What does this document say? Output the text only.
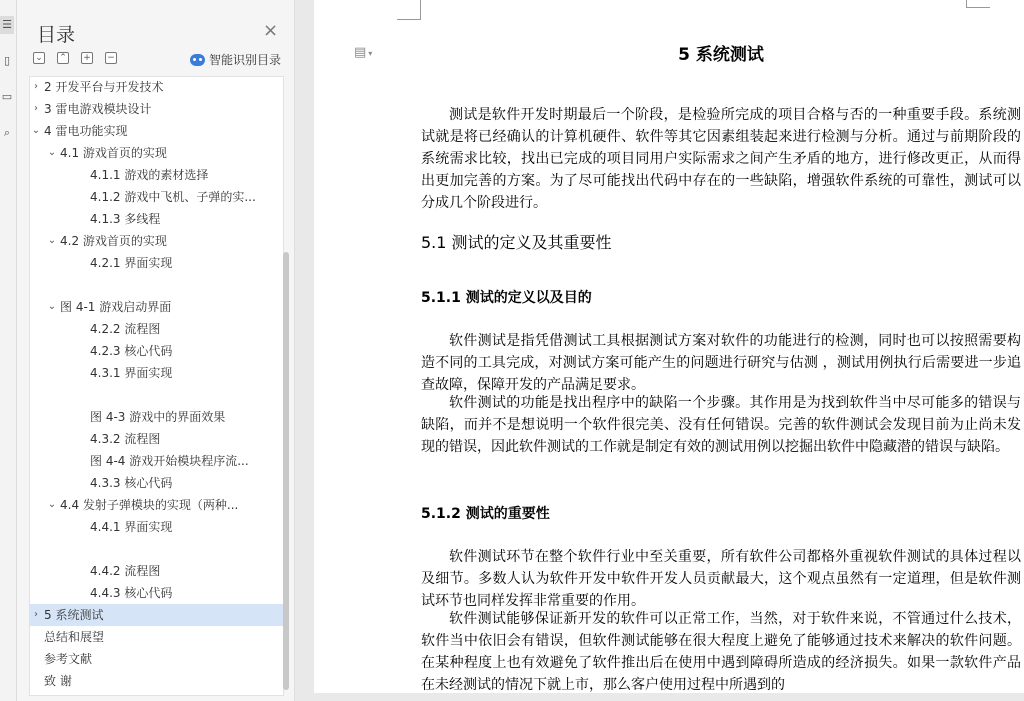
☰
▯
▭
⌕
目录	×
⌄ ⌃ + −	智能识别目录
› 2 开发平台与开发技术
› 3 雷电游戏模块设计
⌄ 4 雷电功能实现
⌄ 4.1 游戏首页的实现
4.1.1 游戏的素材选择
4.1.2 游戏中飞机、子弹的实...
4.1.3 多线程
⌄ 4.2 游戏首页的实现
4.2.1 界面实现
⌄ 图 4-1 游戏启动界面
4.2.2 流程图
4.2.3 核心代码
4.3.1 界面实现
图 4-3 游戏中的界面效果
4.3.2 流程图
图 4-4 游戏开始模块程序流...
4.3.3 核心代码
⌄ 4.4 发射子弹模块的实现（两种...
4.4.1 界面实现
4.4.2 流程图
4.4.3 核心代码
› 5 系统测试
总结和展望
参考文献
致 谢
▤ ▾	5 系统测试
测试是软件开发时期最后一个阶段，是检验所完成的项目合格与否的一种重要手段。系统测试就是将已经确认的计算机硬件、软件等其它因素组装起来进行检测与分析。通过与前期阶段的系统需求比较，找出已完成的项目同用户实际需求之间产生矛盾的地方，进行修改更正，从而得出更加完善的方案。为了尽可能找出代码中存在的一些缺陷，增强软件系统的可靠性，测试可以分成几个阶段进行。
5.1 测试的定义及其重要性
5.1.1 测试的定义以及目的
软件测试是指凭借测试工具根据测试方案对软件的功能进行的检测，同时也可以按照需要构造不同的工具完成，对测试方案可能产生的问题进行研究与估测 ，测试用例执行后需要进一步追查故障，保障开发的产品满足要求。
软件测试的功能是找出程序中的缺陷一个步骤。其作用是为找到软件当中尽可能多的错误与缺陷，而并不是想说明一个软件很完美、没有任何错误。完善的软件测试会发现目前为止尚未发现的错误，因此软件测试的工作就是制定有效的测试用例以挖掘出软件中隐藏潜的错误与缺陷。
5.1.2 测试的重要性
软件测试环节在整个软件行业中至关重要，所有软件公司都格外重视软件测试的具体过程以及细节。多数人认为软件开发中软件开发人员贡献最大，这个观点虽然有一定道理，但是软件测试环节也同样发挥非常重要的作用。
软件测试能够保证新开发的软件可以正常工作，当然，对于软件来说，不管通过什么技术，软件当中依旧会有错误，但软件测试能够在很大程度上避免了能够通过技术来解决的软件问题。在某种程度上也有效避免了软件推出后在使用中遇到障碍所造成的经济损失。如果一款软件产品在未经测试的情况下就上市，那么客户使用过程中所遇到的
